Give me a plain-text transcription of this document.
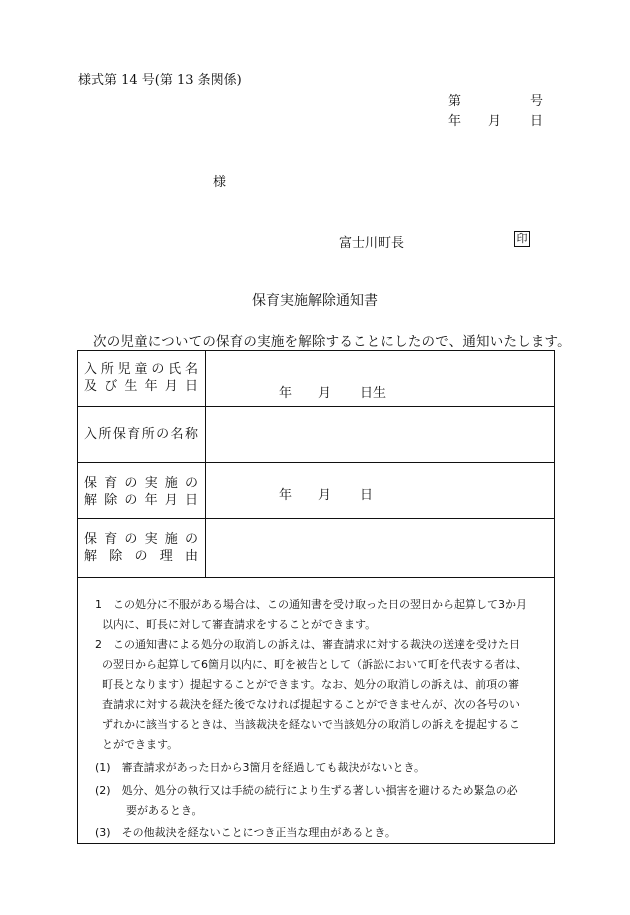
様式第 14 号(第 13 条関係)
第	号
年 月 日
様
富士川町長	印
保育実施解除通知書
次の児童についての保育の実施を解除することにしたので、通知いたします。
入所児童の氏名
及び生年月日	年 月 日生
入所保育所の名称
保育の実施の
解除の年月日	年 月 日
保育の実施の
解除の理由
1　この処分に不服がある場合は、この通知書を受け取った日の翌日から起算して3か月
以内に、町長に対して審査請求をすることができます。
2　この通知書による処分の取消しの訴えは、審査請求に対する裁決の送達を受けた日
の翌日から起算して6箇月以内に、町を被告として（訴訟において町を代表する者は、
町長となります）提起することができます。なお、処分の取消しの訴えは、前項の審
査請求に対する裁決を経た後でなければ提起することができませんが、次の各号のい
ずれかに該当するときは、当該裁決を経ないで当該処分の取消しの訴えを提起するこ
とができます。
(1)　審査請求があった日から3箇月を経過しても裁決がないとき。
(2)　処分、処分の執行又は手続の続行により生ずる著しい損害を避けるため緊急の必
要があるとき。
(3)　その他裁決を経ないことにつき正当な理由があるとき。
